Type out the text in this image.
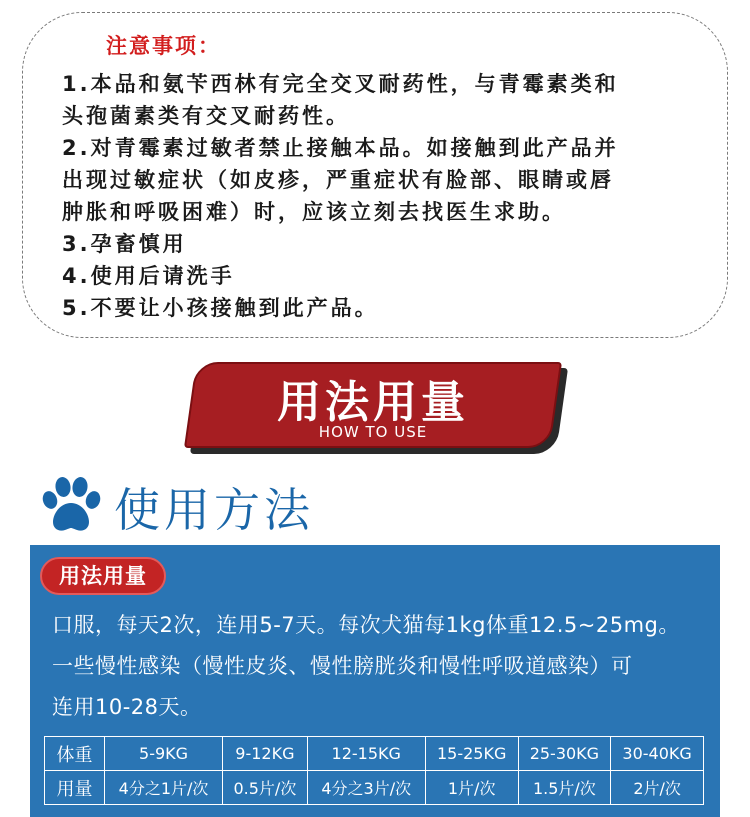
注意事项：
1.本品和氨苄西林有完全交叉耐药性，与青霉素类和
头孢菌素类有交叉耐药性。
2.对青霉素过敏者禁止接触本品。如接触到此产品并
出现过敏症状（如皮疹，严重症状有脸部、眼睛或唇
肿胀和呼吸困难）时，应该立刻去找医生求助。
3.孕畜慎用
4.使用后请洗手
5.不要让小孩接触到此产品。
用法用量
HOW TO USE
使用方法
用法用量
口服，每天2次，连用5-7天。每次犬猫每1kg体重12.5~25mg。
一些慢性感染（慢性皮炎、慢性膀胱炎和慢性呼吸道感染）可
连用10-28天。
体重	5-9KG	9-12KG	12-15KG	15-25KG	25-30KG	30-40KG
用量	4分之1片/次	0.5片/次	4分之3片/次	1片/次	1.5片/次	2片/次
